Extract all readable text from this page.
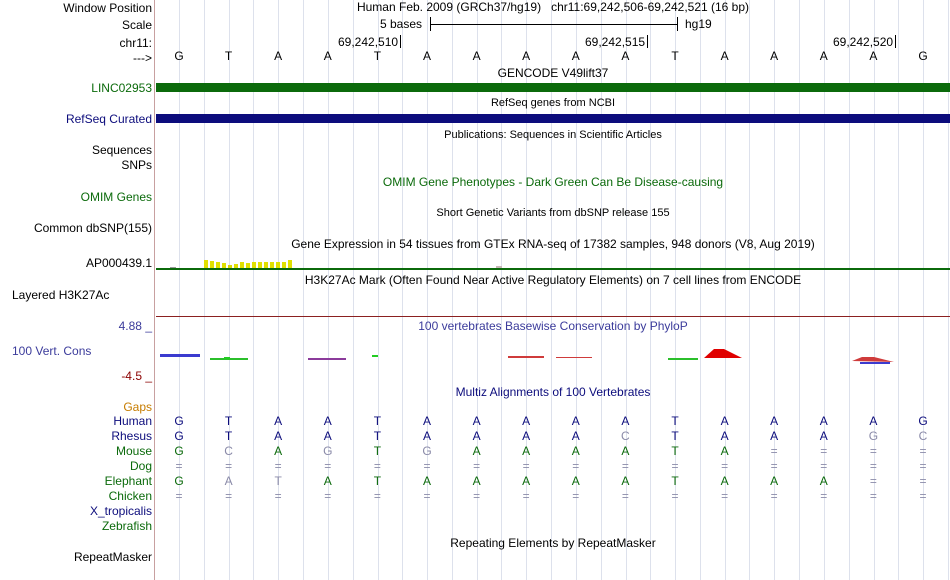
Human Feb. 2009 (GRCh37/hg19) chr11:69,242,506-69,242,521 (16 bp)
5 bases	hg19
69,242,510	69,242,515	69,242,520
G	T	A	A	T	A	A	A	A	A	T	A	A	A	A	G
GENCODE V49lift37
RefSeq genes from NCBI
Publications: Sequences in Scientific Articles
OMIM Gene Phenotypes - Dark Green Can Be Disease-causing
Short Genetic Variants from dbSNP release 155
Gene Expression in 54 tissues from GTEx RNA-seq of 17382 samples, 948 donors (V8, Aug 2019)
H3K27Ac Mark (Often Found Near Active Regulatory Elements) on 7 cell lines from ENCODE
100 vertebrates Basewise Conservation by PhyloP
Multiz Alignments of 100 Vertebrates
G	T	A	A	T	A	A	A	A	A	T	A	A	A	A	G
G	T	A	A	T	A	A	A	A	C	T	A	A	A	G	C
G	C	A	G	T	G	A	A	A	A	T	A	=	=	=	=
=	=	=	=	=	=	=	=	=	=	=	=	=	=	=	=
G	A	T	A	T	A	A	A	A	A	T	A	A	A	=	=
=	=	=	=	=	=	=	=	=	=	=	=	=	=	=	=
Repeating Elements by RepeatMasker
Window Position
Scale
chr11:
--->
LINC02953
RefSeq Curated
Sequences
SNPs
OMIM Genes
Common dbSNP(155)
AP000439.1
Layered H3K27Ac
4.88 _
100 Vert. Cons
-4.5 _
Gaps
Human
Rhesus
Mouse
Dog
Elephant
Chicken
X_tropicalis
Zebrafish
RepeatMasker
